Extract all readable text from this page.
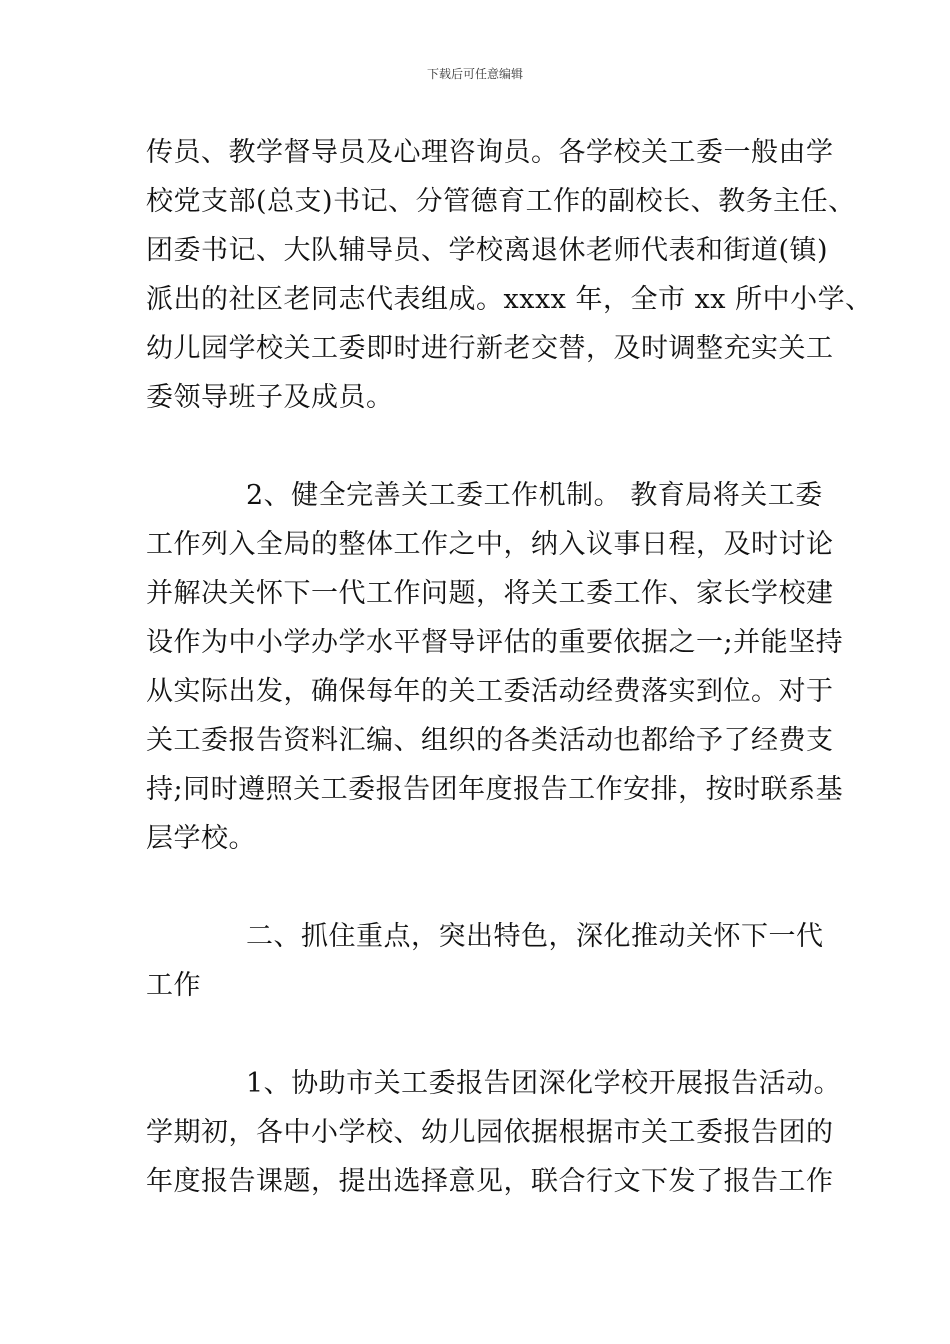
下载后可任意编辑
传员、教学督导员及心理咨询员。各学校关工委一般由学
校党支部(总支)书记、分管德育工作的副校长、教务主任、
团委书记、大队辅导员、学校离退休老师代表和街道(镇)
派出的社区老同志代表组成。xxxx 年，全市 xx 所中小学、
幼儿园学校关工委即时进行新老交替，及时调整充实关工
委领导班子及成员。
2、健全完善关工委工作机制。 教育局将关工委
工作列入全局的整体工作之中，纳入议事日程，及时讨论
并解决关怀下一代工作问题，将关工委工作、家长学校建
设作为中小学办学水平督导评估的重要依据之一;并能坚持
从实际出发，确保每年的关工委活动经费落实到位。对于
关工委报告资料汇编、组织的各类活动也都给予了经费支
持;同时遵照关工委报告团年度报告工作安排，按时联系基
层学校。
二、抓住重点，突出特色，深化推动关怀下一代
工作
1、协助市关工委报告团深化学校开展报告活动。
学期初，各中小学校、幼儿园依据根据市关工委报告团的
年度报告课题，提出选择意见，联合行文下发了报告工作
